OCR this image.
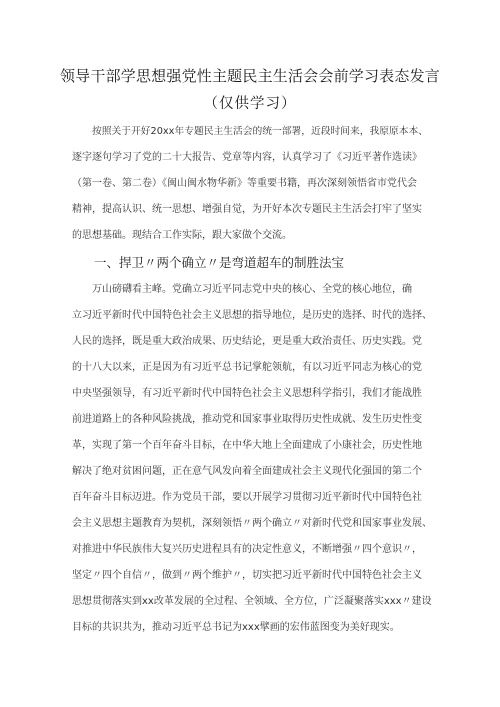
领导干部学思想强党性主题民主生活会会前学习表态发言
（仅供学习）
按照关于开好20xx年专题民主生活会的统一部署，近段时间来，我原原本本、
逐字逐句学习了党的二十大报告、党章等内容，认真学习了《习近平著作选读》
（第一卷、第二卷）《闽山闽水物华新》等重要书籍，再次深刻领悟省市党代会
精神，提高认识、统一思想、增强自觉，为开好本次专题民主生活会打牢了坚实
的思想基础。现结合工作实际，跟大家做个交流。
一、捍卫〃两个确立〃是弯道超车的制胜法宝
万山磅礴看主峰。党确立习近平同志党中央的核心、全党的核心地位，确
立习近平新时代中国特色社会主义思想的指导地位，是历史的选择、时代的选择、
人民的选择，既是重大政治成果、历史结论，更是重大政治责任、历史实践。党
的十八大以来，正是因为有习近平总书记掌舵领航，有以习近平同志为核心的党
中央坚强领导，有习近平新时代中国特色社会主义思想科学指引，我们才能战胜
前进道路上的各种风险挑战，推动党和国家事业取得历史性成就、发生历史性变
革，实现了第一个百年奋斗目标，在中华大地上全面建成了小康社会，历史性地
解决了绝对贫困问题，正在意气风发向着全面建成社会主义现代化强国的第二个
百年奋斗目标迈进。作为党员干部，要以开展学习贯彻习近平新时代中国特色社
会主义思想主题教育为契机，深刻领悟〃两个确立〃对新时代党和国家事业发展、
对推进中华民族伟大复兴历史进程具有的决定性意义，不断增强〃四个意识〃，
坚定〃四个自信〃，做到〃两个维护〃，切实把习近平新时代中国特色社会主义
思想贯彻落实到xx改革发展的全过程、全领域、全方位，广泛凝聚落实xxx〃建设
目标的共识共为，推动习近平总书记为xxx擘画的宏伟蓝图变为美好现实。
